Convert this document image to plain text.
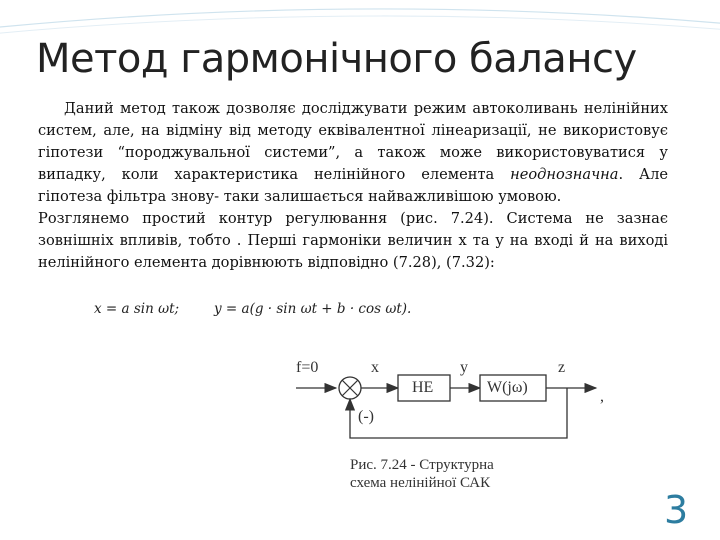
Метод гармонічного балансу

Даний метод також дозволяє досліджувати режим автоколивань нелінійних систем, але, на відміну від методу еквівалентної лінеаризації, не використовує гіпотези “породжувальної системи”, а також може використовуватися у випадку, коли характеристика нелінійного елемента неоднозначна. Але гіпотеза фільтра знову- таки залишається найважливішою умовою.

Розглянемо простий контур регулювання (рис. 7.24). Система не зазнає зовнішніх впливів, тобто . Перші гармоніки величин x та y на вході й на виході нелінійного елемента дорівнюють відповідно (7.28), (7.32):

x = a sin ωt;	y = a(g · sin ωt + b · cos ωt).
f=0	x	y	z
НЕ	W(jω)
(-)
,
Рис. 7.24 - Структурна
схема нелінійної САК
3
